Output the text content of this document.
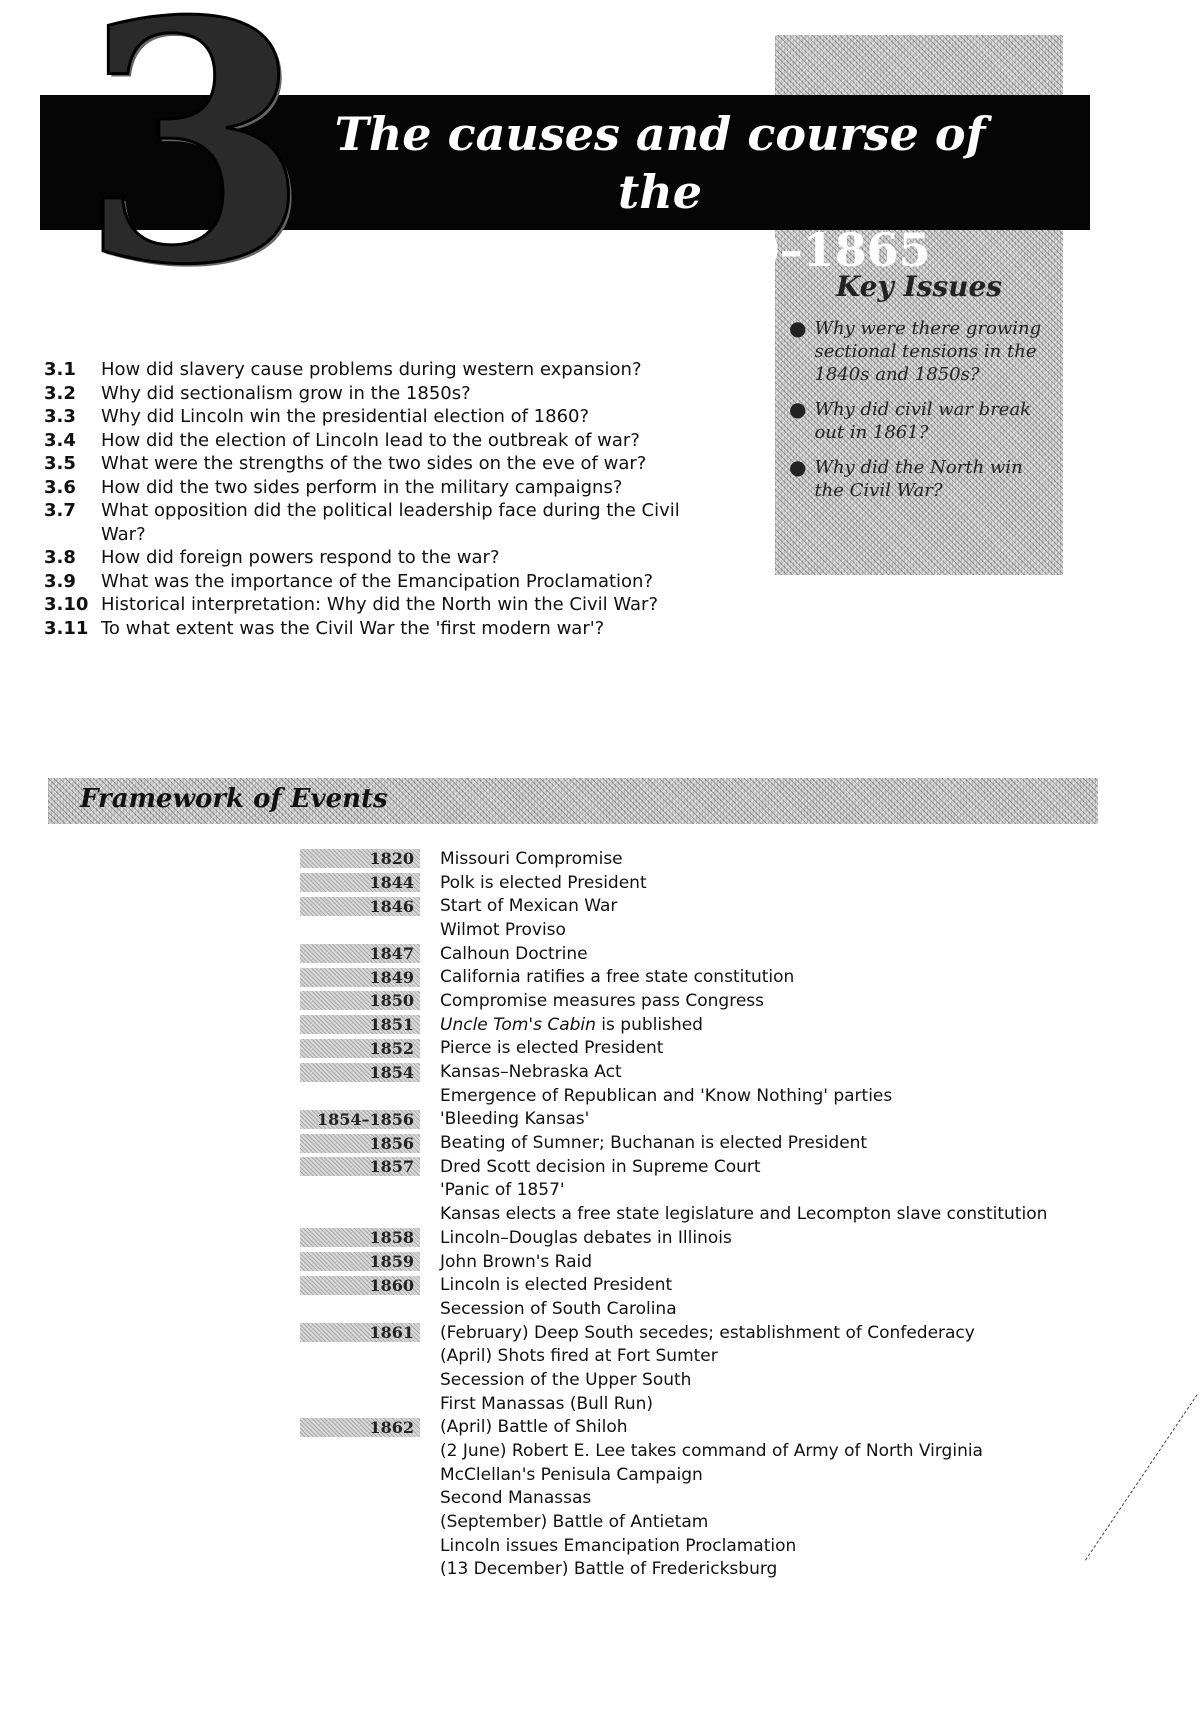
3 The causes and course of the
Civil War, 1840–1865
Key Issues
● Why were there growing sectional tensions in the 1840s and 1850s?
● Why did civil war break out in 1861?
● Why did the North win the Civil War?
3.1	How did slavery cause problems during western expansion?
3.2	Why did sectionalism grow in the 1850s?
3.3	Why did Lincoln win the presidential election of 1860?
3.4	How did the election of Lincoln lead to the outbreak of war?
3.5	What were the strengths of the two sides on the eve of war?
3.6	How did the two sides perform in the military campaigns?
3.7	What opposition did the political leadership face during the Civil War?
3.8	How did foreign powers respond to the war?
3.9	What was the importance of the Emancipation Proclamation?
3.10 Historical interpretation: Why did the North win the Civil War?
3.11 To what extent was the Civil War the 'first modern war'?
Framework of Events
1820	Missouri Compromise
1844	Polk is elected President
1846	Start of Mexican War
Wilmot Proviso
1847	Calhoun Doctrine
1849	California ratifies a free state constitution
1850	Compromise measures pass Congress
1851	Uncle Tom's Cabin is published
1852	Pierce is elected President
1854	Kansas–Nebraska Act
Emergence of Republican and 'Know Nothing' parties
1854–1856	'Bleeding Kansas'
1856	Beating of Sumner; Buchanan is elected President
1857	Dred Scott decision in Supreme Court
'Panic of 1857'
Kansas elects a free state legislature and Lecompton slave constitution
1858	Lincoln–Douglas debates in Illinois
1859	John Brown's Raid
1860	Lincoln is elected President
Secession of South Carolina
1861	(February) Deep South secedes; establishment of Confederacy
(April) Shots fired at Fort Sumter
Secession of the Upper South
First Manassas (Bull Run)
1862	(April) Battle of Shiloh
(2 June) Robert E. Lee takes command of Army of North Virginia
McClellan's Penisula Campaign
Second Manassas
(September) Battle of Antietam
Lincoln issues Emancipation Proclamation
(13 December) Battle of Fredericksburg
